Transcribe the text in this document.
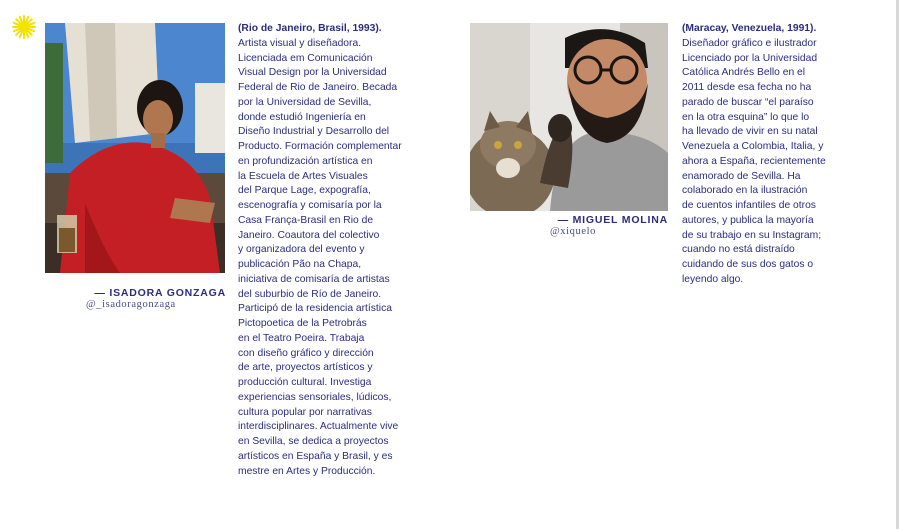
— ISADORA GONZAGA
@_isadoragonzaga
(Rio de Janeiro, Brasil, 1993).
Artista visual y diseñadora.
Licenciada em Comunicación
Visual Design por la Universidad
Federal de Rio de Janeiro. Becada
por la Universidad de Sevilla,
donde estudió Ingeniería en
Diseño Industrial y Desarrollo del
Producto. Formación complementar
en profundización artística en
la Escuela de Artes Visuales
del Parque Lage, expografía,
escenografía y comisaría por la
Casa França-Brasil en Rio de
Janeiro. Coautora del colectivo
y organizadora del evento y
publicación Pão na Chapa,
iniciativa de comisaría de artistas
del suburbio de Río de Janeiro.
Participó de la residencia artística
Pictopoetica de la Petrobrás
en el Teatro Poeira. Trabaja
con diseño gráfico y dirección
de arte, proyectos artísticos y
producción cultural. Investiga
experiencias sensoriales, lúdicos,
cultura popular por narrativas
interdisciplinares. Actualmente vive
en Sevilla, se dedica a proyectos
artísticos en España y Brasil, y es
mestre en Artes y Producción.
— MIGUEL MOLINA
@xiquelo
(Maracay, Venezuela, 1991).
Diseñador gráfico e ilustrador
Licenciado por la Universidad
Católica Andrés Bello en el
2011 desde esa fecha no ha
parado de buscar “el paraíso
en la otra esquina” lo que lo
ha llevado de vivir en su natal
Venezuela a Colombia, Italia, y
ahora a España, recientemente
enamorado de Sevilla. Ha
colaborado en la ilustración
de cuentos infantiles de otros
autores, y publica la mayoría
de su trabajo en su Instagram;
cuando no está distraído
cuidando de sus dos gatos o
leyendo algo.
